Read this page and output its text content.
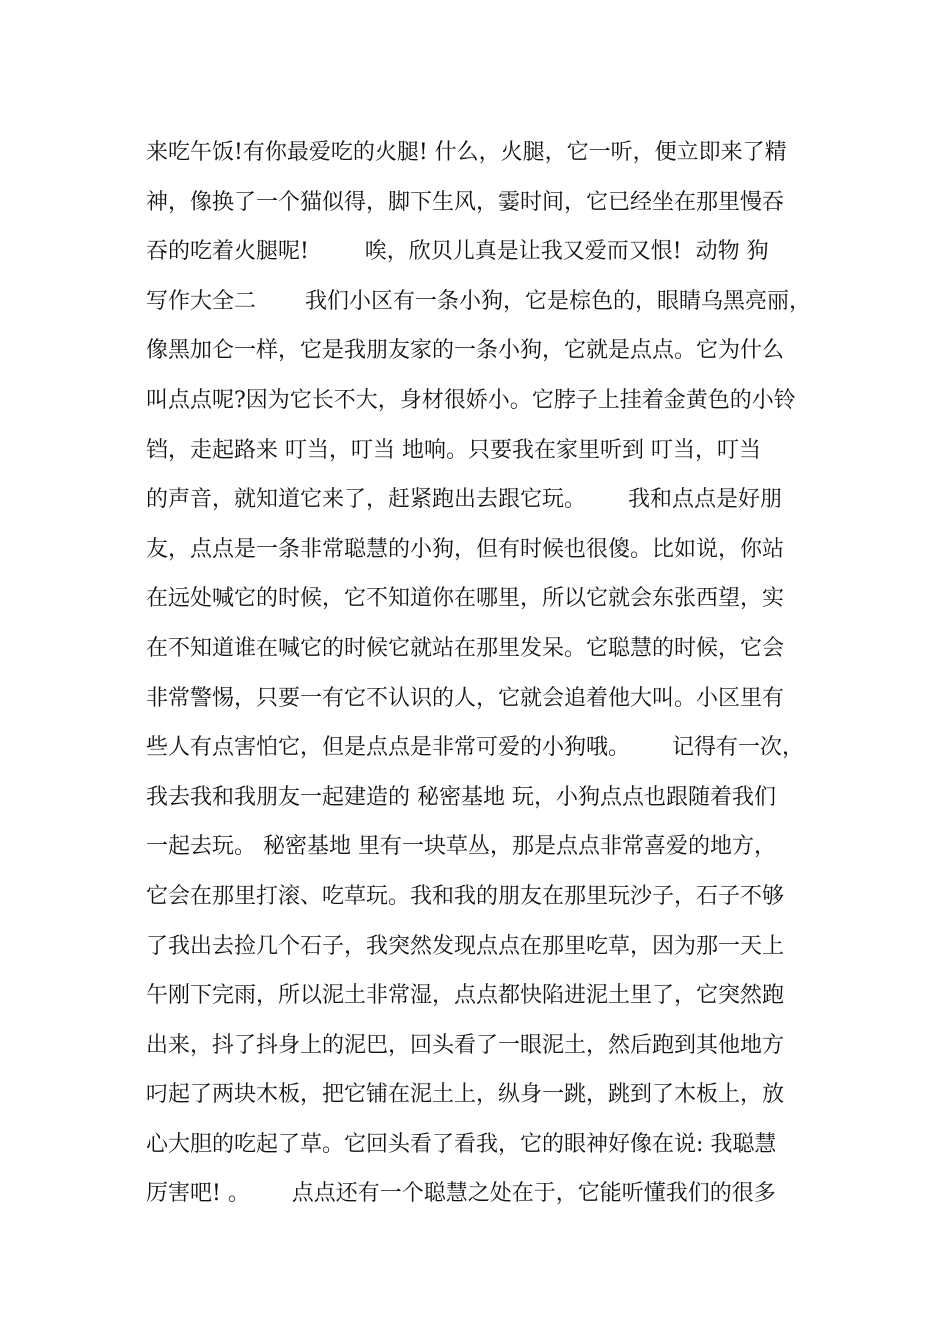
来吃午饭!有你最爱吃的火腿! 什么，火腿，它一听，便立即来了精
神，像换了一个猫似得，脚下生风，霎时间，它已经坐在那里慢吞
吞的吃着火腿呢!        唉，欣贝儿真是让我又爱而又恨!  动物 狗
写作大全二       我们小区有一条小狗，它是棕色的，眼睛乌黑亮丽，
像黑加仑一样，它是我朋友家的一条小狗，它就是点点。它为什么
叫点点呢?因为它长不大，身材很娇小。它脖子上挂着金黄色的小铃
铛，走起路来 叮当，叮当 地响。只要我在家里听到 叮当，叮当
的声音，就知道它来了，赶紧跑出去跟它玩。      我和点点是好朋
友，点点是一条非常聪慧的小狗，但有时候也很傻。比如说，你站
在远处喊它的时候，它不知道你在哪里，所以它就会东张西望，实
在不知道谁在喊它的时候它就站在那里发呆。它聪慧的时候，它会
非常警惕，只要一有它不认识的人，它就会追着他大叫。小区里有
些人有点害怕它，但是点点是非常可爱的小狗哦。      记得有一次，
我去我和我朋友一起建造的 秘密基地 玩，小狗点点也跟随着我们
一起去玩。 秘密基地 里有一块草丛，那是点点非常喜爱的地方，
它会在那里打滚、吃草玩。我和我的朋友在那里玩沙子，石子不够
了我出去捡几个石子，我突然发现点点在那里吃草，因为那一天上
午刚下完雨，所以泥土非常湿，点点都快陷进泥土里了，它突然跑
出来，抖了抖身上的泥巴，回头看了一眼泥土，然后跑到其他地方
叼起了两块木板，把它铺在泥土上，纵身一跳，跳到了木板上，放
心大胆的吃起了草。它回头看了看我，它的眼神好像在说: 我聪慧
厉害吧! 。      点点还有一个聪慧之处在于，它能听懂我们的很多
